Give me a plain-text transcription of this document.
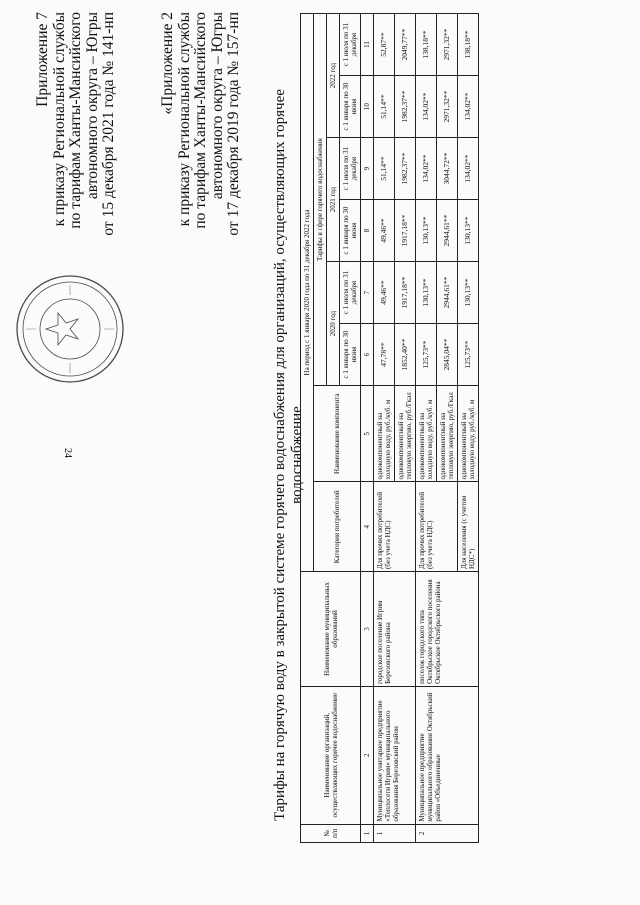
24
Приложение 7 к приказу Региональной службы по тарифам Ханты-Мансийского автономного округа – Югры от 15 декабря 2021 года № 141-нп	«Приложение 2 к приказу Региональной службы по тарифам Ханты-Мансийского автономного округа – Югры от 17 декабря 2019 года № 157-нп Тарифы на горячую воду в закрытой системе горячего водоснабжения для организаций, осуществляющих горячее водоснабжение
№ п/п	Наименование организаций, осуществляющих горячее водоснабжение	Наименование муниципальных образований	На период с 1 января 2020 года по 31 декабря 2022 года							
			Категория потребителей	Наименование компонента	Тарифы в сфере горячего водоснабжения					
					2020 год		2021 год		2022 год	
					с 1 января по 30 июня	с 1 июля по 31 декабря	с 1 января по 30 июня	с 1 июля по 31 декабря	с 1 января по 30 июня	с 1 июля по 31 декабря
1	2	3	4	5	6	7	8	9	10	11
1	Муниципальное унитарное предприятие «Теплосети Игрим» муниципального образования Березовский район	городское поселение Игрим Березовского района	Для прочих потребителей (без учета НДС)	однокомпонентный на холодную воду, руб./куб. м	47,78**	49,46**	49,46**	51,14**	51,14**	52,87**
				однокомпонентный на тепловую энергию, руб./Гкал	1852,40**	1917,18**	1917,18**	1982,37**	1982,37**	2049,77**
2	Муниципальное предприятие муниципального образования Октябрьский район «Объединенные	поселок городского типа Октябрьское городского поселения Октябрьское Октябрьского района	Для прочих потребителей (без учета НДС)	однокомпонентный на холодную воду, руб./куб. м	125,73**	130,13**	130,13**	134,02**	134,02**	138,18**
				однокомпонентный на тепловую энергию, руб./Гкал	2845,04**	2944,61**	2944,61**	3044,72**	2971,32**	2971,32**
			Для населения (с учетом НДС*)	однокомпонентный на холодную воду, руб./куб. м	125,73**	130,13**	130,13**	134,02**	134,02**	138,18**
